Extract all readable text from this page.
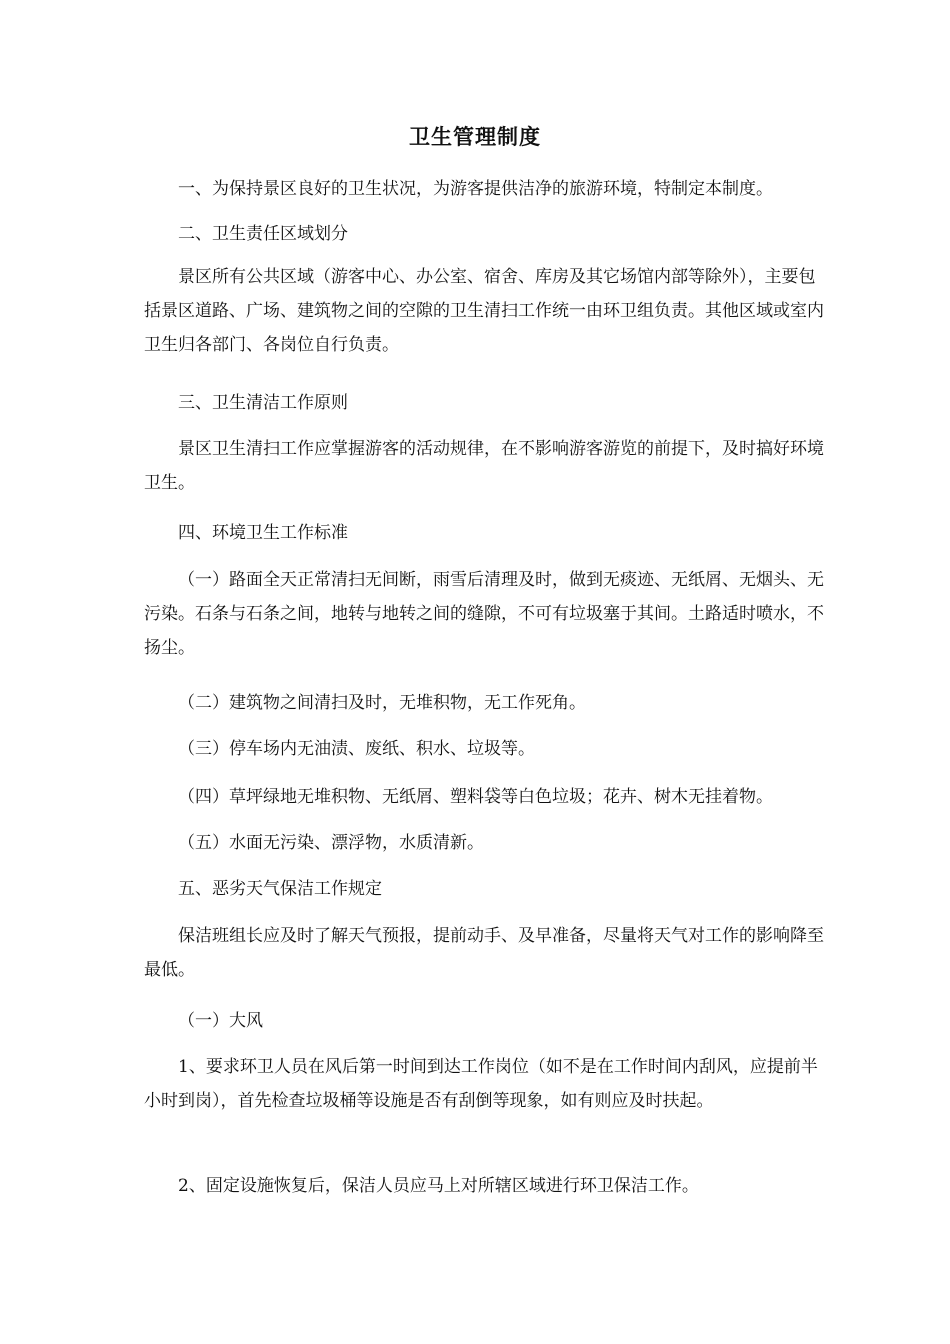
卫生管理制度
一、为保持景区良好的卫生状况，为游客提供洁净的旅游环境，特制定本制度。
二、卫生责任区域划分
景区所有公共区域（游客中心、办公室、宿舍、库房及其它场馆内部等除外），主要包括景区道路、广场、建筑物之间的空隙的卫生清扫工作统一由环卫组负责。其他区域或室内卫生归各部门、各岗位自行负责。
三、卫生清洁工作原则
景区卫生清扫工作应掌握游客的活动规律，在不影响游客游览的前提下，及时搞好环境卫生。
四、环境卫生工作标准
（一）路面全天正常清扫无间断，雨雪后清理及时，做到无痰迹、无纸屑、无烟头、无污染。石条与石条之间，地转与地转之间的缝隙，不可有垃圾塞于其间。土路适时喷水，不扬尘。
（二）建筑物之间清扫及时，无堆积物，无工作死角。
（三）停车场内无油渍、废纸、积水、垃圾等。
（四）草坪绿地无堆积物、无纸屑、塑料袋等白色垃圾；花卉、树木无挂着物。
（五）水面无污染、漂浮物，水质清新。
五、恶劣天气保洁工作规定
保洁班组长应及时了解天气预报，提前动手、及早准备，尽量将天气对工作的影响降至最低。
（一）大风
1、要求环卫人员在风后第一时间到达工作岗位（如不是在工作时间内刮风，应提前半小时到岗），首先检查垃圾桶等设施是否有刮倒等现象，如有则应及时扶起。
2、固定设施恢复后，保洁人员应马上对所辖区域进行环卫保洁工作。
